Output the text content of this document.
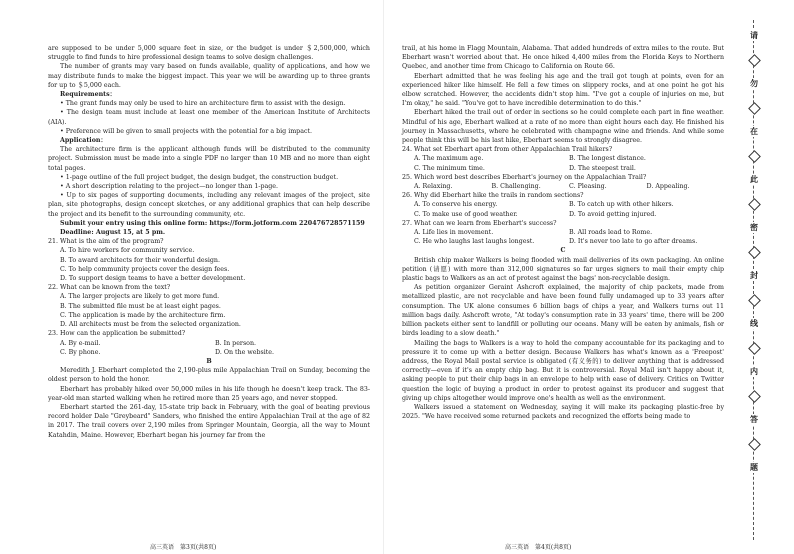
are supposed to be under 5,000 square feet in size, or the budget is under ＄2,500,000, which struggle to find funds to hire professional design teams to solve design challenges.

The number of grants may vary based on funds available, quality of applications, and how we may distribute funds to make the biggest impact. This year we will be awarding up to three grants for up to ＄5,000 each.

Requirements：

• The grant funds may only be used to hire an architecture firm to assist with the design.

• The design team must include at least one member of the American Institute of Architects (AIA).

• Preference will be given to small projects with the potential for a big impact.

Application：

The architecture firm is the applicant although funds will be distributed to the community project. Submission must be made into a single PDF no larger than 10 MB and no more than eight total pages.

• 1-page outline of the full project budget, the design budget, the construction budget.

• A short description relating to the project—no longer than 1-page.

• Up to six pages of supporting documents, including any relevant images of the project, site plan, site photographs, design concept sketches, or any additional graphics that can help describe the project and its benefit to the surrounding community, etc.

Submit your entry using this online form: https://form.jotform.com 220476728571159

Deadline: August 15, at 5 pm.

21. What is the aim of the program?

A. To hire workers for community service.

B. To award architects for their wonderful design.

C. To help community projects cover the design fees.

D. To support design teams to have a better development.

22. What can be known from the text?

A. The larger projects are likely to get more fund.

B. The submitted file must be at least eight pages.

C. The application is made by the architecture firm.

D. All architects must be from the selected organization.

23. How can the application be submitted?

A. By e-mail.	B. In person.
C. By phone.	D. On the website.

B

Meredith J. Eberhart completed the 2,190-plus mile Appalachian Trail on Sunday, becoming the oldest person to hold the honor.

Eberhart has probably hiked over 50,000 miles in his life though he doesn't keep track. The 83-year-old man started walking when he retired more than 25 years ago, and never stopped.

Eberhart started the 261-day, 15-state trip back in February, with the goal of beating previous record holder Dale "Greybeard" Sanders, who finished the entire Appalachian Trail at the age of 82 in 2017. The trail covers over 2,190 miles from Springer Mountain, Georgia, all the way to Mount Katahdin, Maine. However, Eberhart began his journey far from the

trail, at his home in Flagg Mountain, Alabama. That added hundreds of extra miles to the route. But Eberhart wasn't worried about that. He once hiked 4,400 miles from the Florida Keys to Northern Quebec, and another time from Chicago to California on Route 66.

Eberhart admitted that he was feeling his age and the trail got tough at points, even for an experienced hiker like himself. He fell a few times on slippery rocks, and at one point he got his elbow scratched. However, the accidents didn't stop him. "I've got a couple of injuries on me, but I'm okay," he said. "You've got to have incredible determination to do this."

Eberhart hiked the trail out of order in sections so he could complete each part in fine weather. Mindful of his age, Eberhart walked at a rate of no more than eight hours each day. He finished his journey in Massachusetts, where he celebrated with champagne wine and friends. And while some people think this will be his last hike, Eberhart seems to strongly disagree.

24. What set Eberhart apart from other Appalachian Trail hikers?

A. The maximum age.	B. The longest distance.
C. The minimum time.	D. The steepest trail.

25. Which word best describes Eberhart's journey on the Appalachian Trail?

A. Relaxing.	B. Challenging.	C. Pleasing.	D. Appealing.

26. Why did Eberhart hike the trails in random sections?

A. To conserve his energy.	B. To catch up with other hikers.
C. To make use of good weather.	D. To avoid getting injured.

27. What can we learn from Eberhart's success?

A. Life lies in movement.	B. All roads lead to Rome.
C. He who laughs last laughs longest.	D. It's never too late to go after dreams.

C

British chip maker Walkers is being flooded with mail deliveries of its own packaging. An online petition (请愿) with more than 312,000 signatures so far urges signers to mail their empty chip plastic bags to Walkers as an act of protest against the bags' non-recyclable design.

As petition organizer Geraint Ashcroft explained, the majority of chip packets, made from metallized plastic, are not recyclable and have been found fully undamaged up to 33 years after consumption. The UK alone consumes 6 billion bags of chips a year, and Walkers turns out 11 million bags daily. Ashcroft wrote, "At today's consumption rate in 33 years' time, there will be 200 billion packets either sent to landfill or polluting our oceans. Many will be eaten by animals, fish or birds leading to a slow death."

Mailing the bags to Walkers is a way to hold the company accountable for its packaging and to pressure it to come up with a better design. Because Walkers has what's known as a 'Freepost' address, the Royal Mail postal service is obligated (有义务的) to deliver anything that is addressed correctly—even if it's an empty chip bag. But it is controversial. Royal Mail isn't happy about it, asking people to put their chip bags in an envelope to help with ease of delivery. Critics on Twitter question the logic of buying a product in order to protest against its producer and suggest that giving up chips altogether would improve one's health as well as the environment.

Walkers issued a statement on Wednesday, saying it will make its packaging plastic-free by 2025. "We have received some returned packets and recognized the efforts being made to

高三英语　第3页(共8页)	高三英语　第4页(共8页)
请
勿
在
此
密
封
线
内
答
题
